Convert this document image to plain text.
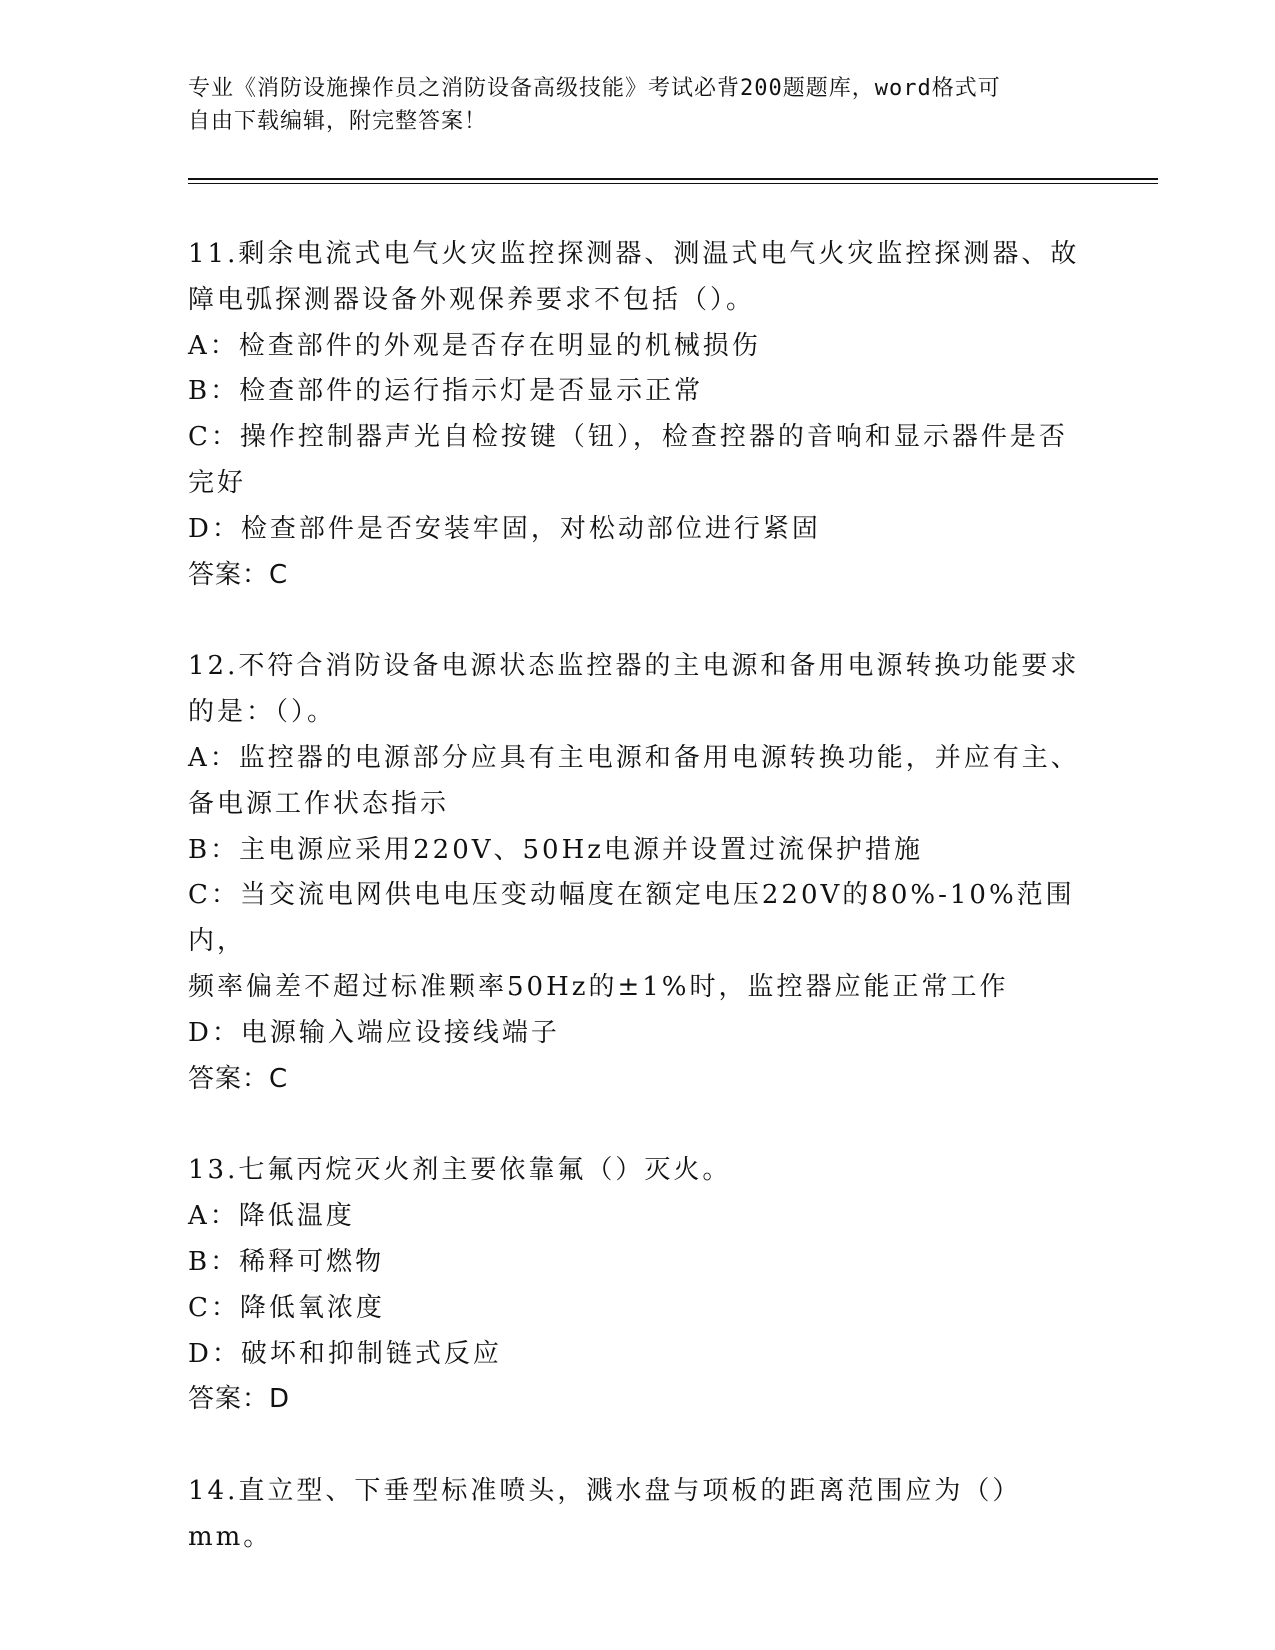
专业《消防设施操作员之消防设备高级技能》考试必背200题题库，word格式可
自由下载编辑，附完整答案！
11.剩余电流式电气火灾监控探测器、测温式电气火灾监控探测器、故
障电弧探测器设备外观保养要求不包括（）。
A：检查部件的外观是否存在明显的机械损伤
B：检查部件的运行指示灯是否显示正常
C：操作控制器声光自检按键（钮），检查控器的音响和显示器件是否
完好
D：检查部件是否安装牢固，对松动部位进行紧固
答案：C
12.不符合消防设备电源状态监控器的主电源和备用电源转换功能要求
的是：（）。
A：监控器的电源部分应具有主电源和备用电源转换功能，并应有主、
备电源工作状态指示
B：主电源应采用220V、50Hz电源并设置过流保护措施
C：当交流电网供电电压变动幅度在额定电压220V的80%-10%范围内，
频率偏差不超过标准颗率50Hz的±1%时，监控器应能正常工作
D：电源输入端应设接线端子
答案：C
13.七氟丙烷灭火剂主要依靠氟（）灭火。
A：降低温度
B：稀释可燃物
C：降低氧浓度
D：破坏和抑制链式反应
答案：D
14.直立型、下垂型标准喷头，溅水盘与项板的距离范围应为（）mm。
